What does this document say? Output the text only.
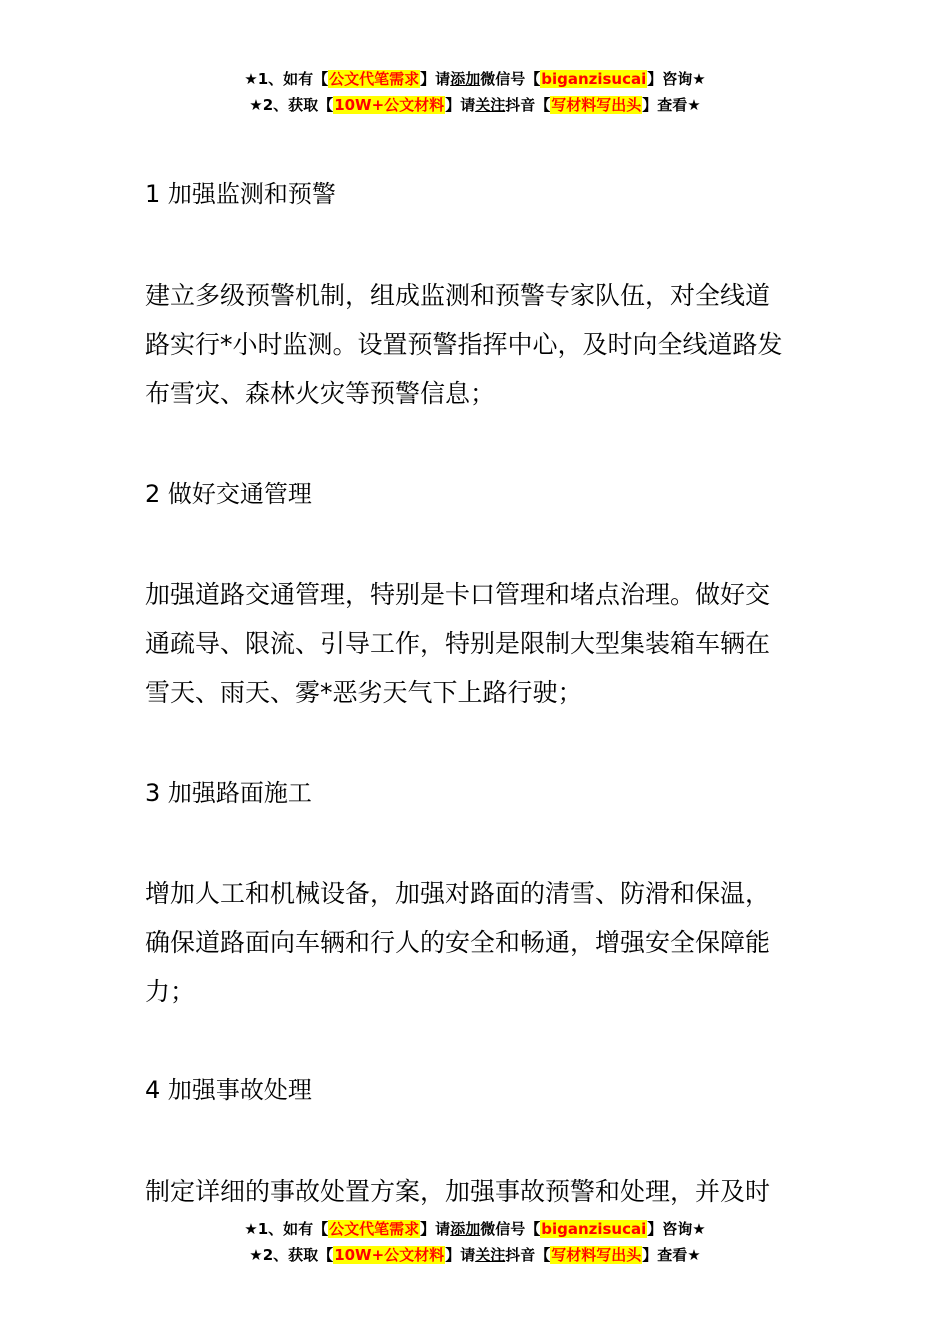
★1、如有【公文代笔需求】请添加微信号【biganzisucai】咨询★
★2、获取【10W+公文材料】请关注抖音【写材料写出头】查看★
1 加强监测和预警
建立多级预警机制，组成监测和预警专家队伍，对全线道
路实行*小时监测。设置预警指挥中心，及时向全线道路发
布雪灾、森林火灾等预警信息；
2 做好交通管理
加强道路交通管理，特别是卡口管理和堵点治理。做好交
通疏导、限流、引导工作，特别是限制大型集装箱车辆在
雪天、雨天、雾*恶劣天气下上路行驶；
3 加强路面施工
增加人工和机械设备，加强对路面的清雪、防滑和保温，
确保道路面向车辆和行人的安全和畅通，增强安全保障能
力；
4 加强事故处理
制定详细的事故处置方案，加强事故预警和处理，并及时
★1、如有【公文代笔需求】请添加微信号【biganzisucai】咨询★
★2、获取【10W+公文材料】请关注抖音【写材料写出头】查看★
